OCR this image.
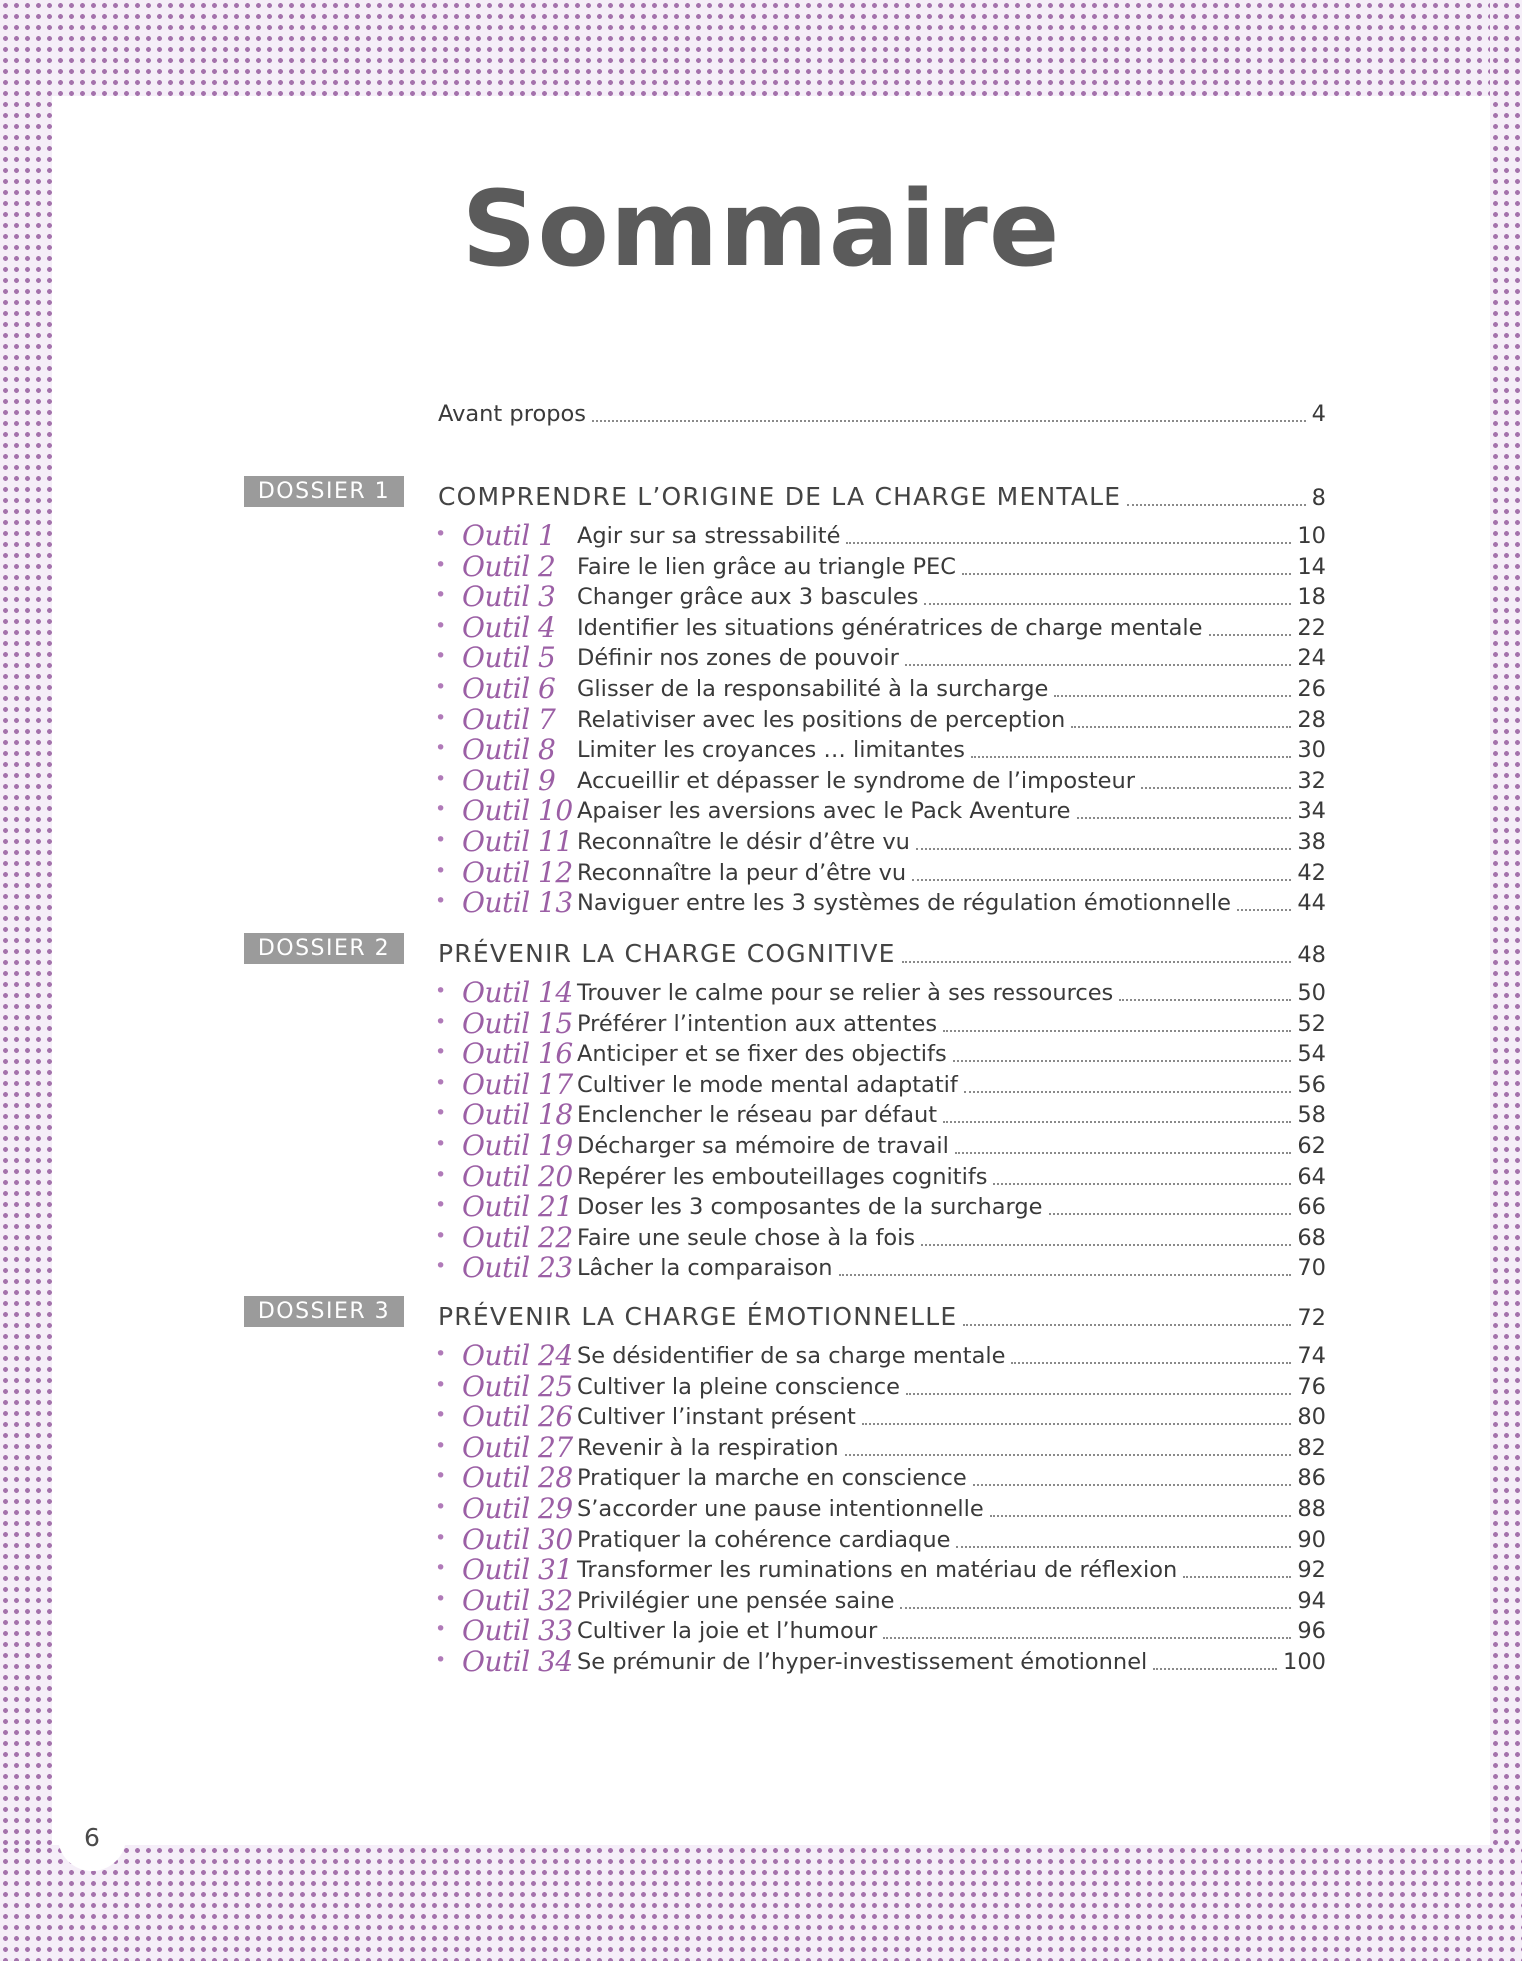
Sommaire
Avant propos	4
DOSSIER 1	COMPRENDRE L’ORIGINE DE LA CHARGE MENTALE	8
• Outil 1 Agir sur sa stressabilité	10
• Outil 2 Faire le lien grâce au triangle PEC	14
• Outil 3 Changer grâce aux 3 bascules	18
• Outil 4 Identifier les situations génératrices de charge mentale	22
• Outil 5 Définir nos zones de pouvoir	24
• Outil 6 Glisser de la responsabilité à la surcharge	26
• Outil 7 Relativiser avec les positions de perception	28
• Outil 8 Limiter les croyances … limitantes	30
• Outil 9 Accueillir et dépasser le syndrome de l’imposteur	32
• Outil 10 Apaiser les aversions avec le Pack Aventure	34
• Outil 11 Reconnaître le désir d’être vu	38
• Outil 12 Reconnaître la peur d’être vu	42
• Outil 13 Naviguer entre les 3 systèmes de régulation émotionnelle	44
DOSSIER 2	PRÉVENIR LA CHARGE COGNITIVE	48
• Outil 14 Trouver le calme pour se relier à ses ressources	50
• Outil 15 Préférer l’intention aux attentes	52
• Outil 16 Anticiper et se fixer des objectifs	54
• Outil 17 Cultiver le mode mental adaptatif	56
• Outil 18 Enclencher le réseau par défaut	58
• Outil 19 Décharger sa mémoire de travail	62
• Outil 20 Repérer les embouteillages cognitifs	64
• Outil 21 Doser les 3 composantes de la surcharge	66
• Outil 22 Faire une seule chose à la fois	68
• Outil 23 Lâcher la comparaison	70
DOSSIER 3	PRÉVENIR LA CHARGE ÉMOTIONNELLE	72
• Outil 24 Se désidentifier de sa charge mentale	74
• Outil 25 Cultiver la pleine conscience	76
• Outil 26 Cultiver l’instant présent	80
• Outil 27 Revenir à la respiration	82
• Outil 28 Pratiquer la marche en conscience	86
• Outil 29 S’accorder une pause intentionnelle	88
• Outil 30 Pratiquer la cohérence cardiaque	90
• Outil 31 Transformer les ruminations en matériau de réflexion	92
• Outil 32 Privilégier une pensée saine	94
• Outil 33 Cultiver la joie et l’humour	96
• Outil 34 Se prémunir de l’hyper-investissement émotionnel	100
6
